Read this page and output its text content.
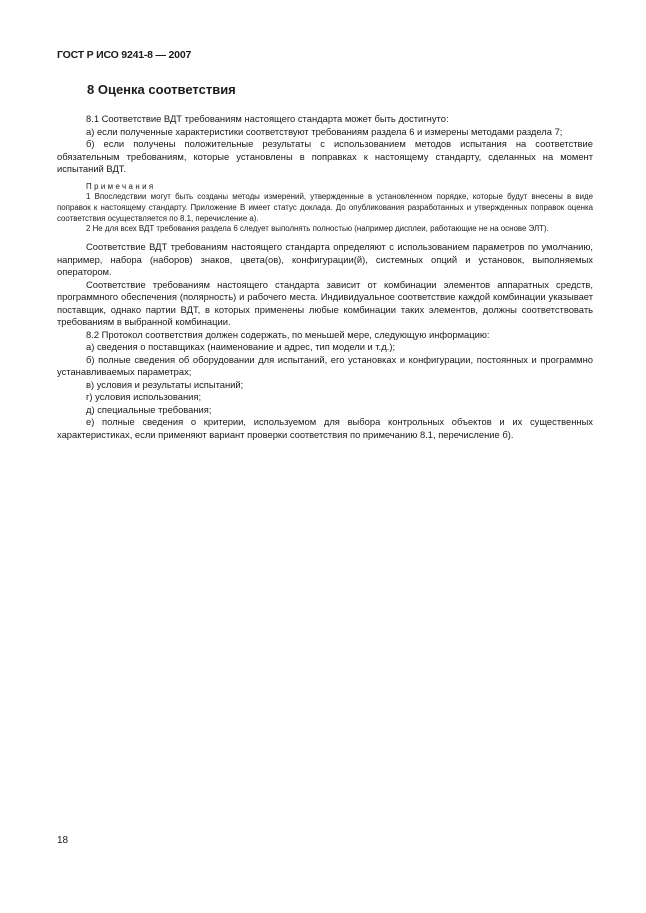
ГОСТ Р ИСО 9241-8 — 2007
8 Оценка соответствия

8.1 Соответствие ВДТ требованиям настоящего стандарта может быть достигнуто:

а) если полученные характеристики соответствуют требованиям раздела 6 и измерены методами раздела 7;

б) если получены положительные результаты с использованием методов испытания на соответствие обязательным требованиям, которые установлены в поправках к настоящему стандарту, сделанных на момент испытаний ВДТ.

Примечания

1 Впоследствии могут быть созданы методы измерений, утвержденные в установленном порядке, которые будут внесены в виде поправок к настоящему стандарту. Приложение В имеет статус доклада. До опубликования разработанных и утвержденных поправок оценка соответствия осуществляется по 8.1, перечисление а).

2 Не для всех ВДТ требования раздела 6 следует выполнять полностью (например дисплеи, работающие не на основе ЭЛТ).

Соответствие ВДТ требованиям настоящего стандарта определяют с использованием параметров по умолчанию, например, набора (наборов) знаков, цвета(ов), конфигурации(й), системных опций и установок, выполняемых оператором.

Соответствие требованиям настоящего стандарта зависит от комбинации элементов аппаратных средств, программного обеспечения (полярность) и рабочего места. Индивидуальное соответствие каждой комбинации указывает поставщик, однако партии ВДТ, в которых применены любые комбинации таких элементов, должны соответствовать требованиям в выбранной комбинации.

8.2 Протокол соответствия должен содержать, по меньшей мере, следующую информацию:

а) сведения о поставщиках (наименование и адрес, тип модели и т.д.);

б) полные сведения об оборудовании для испытаний, его установках и конфигурации, постоянных и программно устанавливаемых параметрах;

в) условия и результаты испытаний;

г) условия использования;

д) специальные требования;

е) полные сведения о критерии, используемом для выбора контрольных объектов и их существенных характеристиках, если применяют вариант проверки соответствия по примечанию 8.1, перечисление б).

18
